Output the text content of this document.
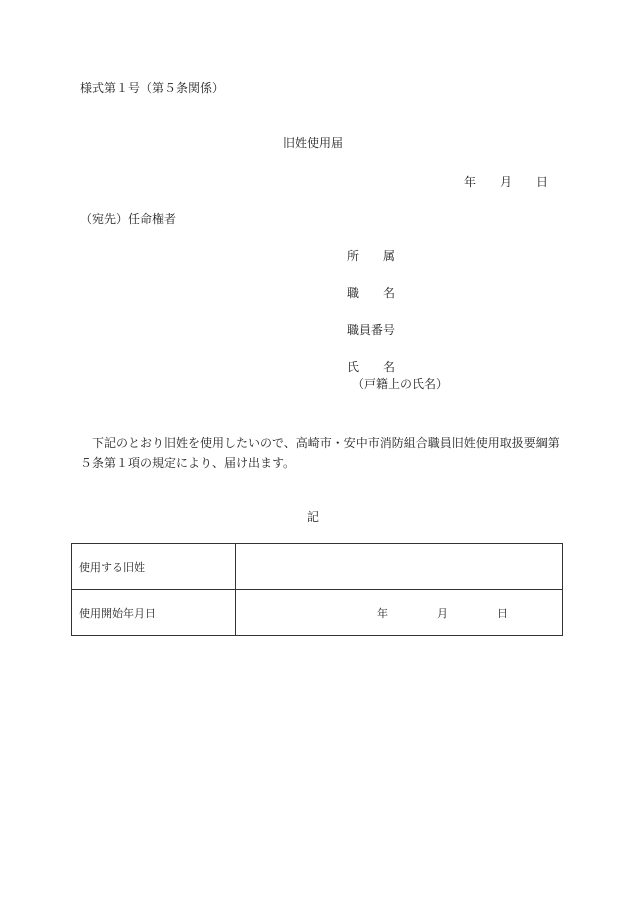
様式第１号（第５条関係）
旧姓使用届
年 月 日
（宛先）任命権者
所　　属
職　　名
職員番号
氏　　名
（戸籍上の氏名）
下記のとおり旧姓を使用したいので、高崎市・安中市消防組合職員旧姓使用取扱要綱第５条第１項の規定により、届け出ます。
記
使用する旧姓	
使用開始年月日	年 月 日
